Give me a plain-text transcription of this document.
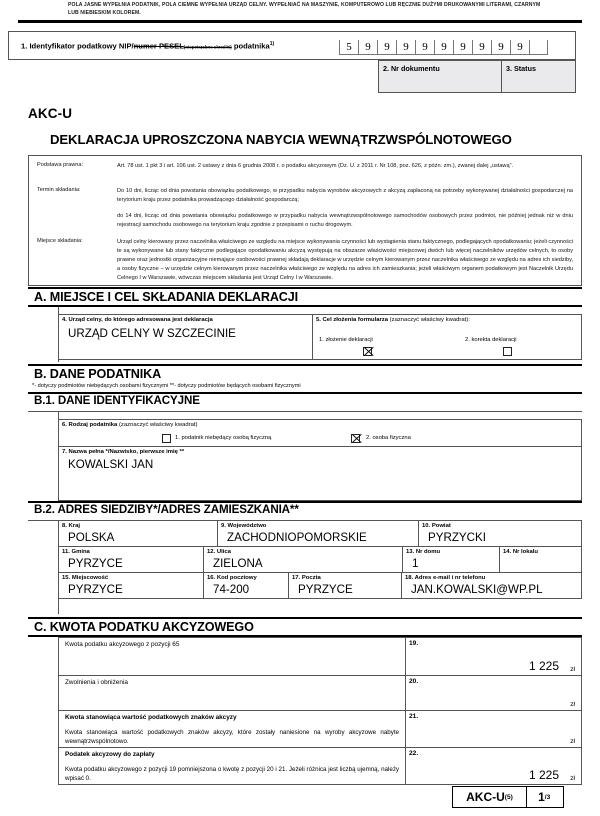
POLA JASNE WYPEŁNIA PODATNIK, POLA CIEMNE WYPEŁNIA URZĄD CELNY. WYPEŁNIAĆ NA MASZYNIE, KOMPUTEROWO LUB RĘCZNIE DUŻYMI DRUKOWANYMI LITERAMI, CZARNYM LUB NIEBIESKIM KOLOREM.
1. Identyfikator podatkowy NIP/numer PESEL(niepotrzebne skreślić) podatnika$^{1)}$	5	9	9	9	9	9	9	9	9	9
2. Nr dokumentu	3. Status
AKC-U
DEKLARACJA UPROSZCZONA NABYCIA WEWNĄTRZWSPÓLNOTOWEGO
Podstawa prawna:	Art. 78 ust. 1 pkt 3 i art. 106 ust. 2 ustawy z dnia 6 grudnia 2008 r. o podatku akcyzowym (Dz. U. z 2011 r. Nr 108, poz. 626, z późn. zm.), zwanej dalej „ustawą”.
Termin składania:	Do 10 dni, licząc od dnia powstania obowiązku podatkowego, w przypadku nabycia wyrobów akcyzowych z akcyzą zapłaconą na potrzeby wykonywanej działalności gospodarczej na terytorium kraju przez podatnika prowadzącego działalność gospodarczą;
do 14 dni, licząc od dnia powstania obowiązku podatkowego w przypadku nabycia wewnątrzwspólnotowego samochodów osobowych przez podmiot, nie później jednak niż w dniu rejestracji samochodu osobowego na terytorium kraju zgodnie z przepisami o ruchu drogowym.
Miejsce składania:	Urząd celny kierowany przez naczelnika właściwego ze względu na miejsce wykonywania czynności lub wystąpienia stanu faktycznego, podlegających opodatkowaniu; jeżeli czynności te są wykonywane lub stany faktyczne podlegające opodatkowaniu akcyzą występują na obszarze właściwości miejscowej dwóch lub więcej naczelników urzędów celnych, to osoby prawne oraz jednostki organizacyjne niemające osobowości prawnej składają deklaracje w urzędzie celnym kierowanym przez naczelnika właściwego ze względu na adres ich siedziby, a osoby fizyczne – w urzędzie celnym kierowanym przez naczelnika właściwego ze względu na adres ich zamieszkania; jeżeli właściwym organem podatkowym jest Naczelnik Urzędu Celnego I w Warszawie, wówczas miejscem składania jest Urząd Celny I w Warszawie.
A. MIEJSCE I CEL SKŁADANIA DEKLARACJI
4. Urząd celny, do którego adresowana jest deklaracja
URZĄD CELNY W SZCZECINIE
5. Cel złożenia formularza (zaznaczyć właściwy kwadrat):
1. złożenie deklaracji	2. korekta deklaracji
B. DANE PODATNIKA
*- dotyczy podmiotów niebędących osobami fizycznymi **- dotyczy podmiotów będących osobami fizycznymi
B.1. DANE IDENTYFIKACYJNE
6. Rodzaj podatnika (zaznaczyć właściwy kwadrat)
1. podatnik niebędący osobą fizyczną	2. osoba fizyczna
7. Nazwa pełna */Nazwisko, pierwsze imię **
KOWALSKI JAN
B.2. ADRES SIEDZIBY*/ADRES ZAMIESZKANIA**
8. Kraj
POLSKA
9. Województwo
ZACHODNIOPOMORSKIE
10. Powiat
PYRZYCKI
11. Gmina
PYRZYCE
12. Ulica
ZIELONA
13. Nr domu
1
14. Nr lokalu
15. Miejscowość
PYRZYCE
16. Kod pocztowy
74-200
17. Poczta
PYRZYCE
18. Adres e-mail i nr telefonu
JAN.KOWALSKI@WP.PL
C. KWOTA PODATKU AKCYZOWEGO
Kwota podatku akcyzowego z pozycji 65	19.
1 225 zł
Zwolnienia i obniżenia	20.
zł
Kwota stanowiąca wartość podatkowych znaków akcyzy
Kwota stanowiąca wartość podatkowych znaków akcyzy, które zostały naniesione na wyroby akcyzowe nabyte wewnątrzwspólnotowo.
21.
zł
Podatek akcyzowy do zapłaty
Kwota podatku akcyzowego z pozycji 19 pomniejszona o kwotę z pozycji 20 i 21. Jeżeli różnica jest liczbą ujemną, należy wpisać 0.
22.
1 225 zł
AKC-U (5) 1 /3
